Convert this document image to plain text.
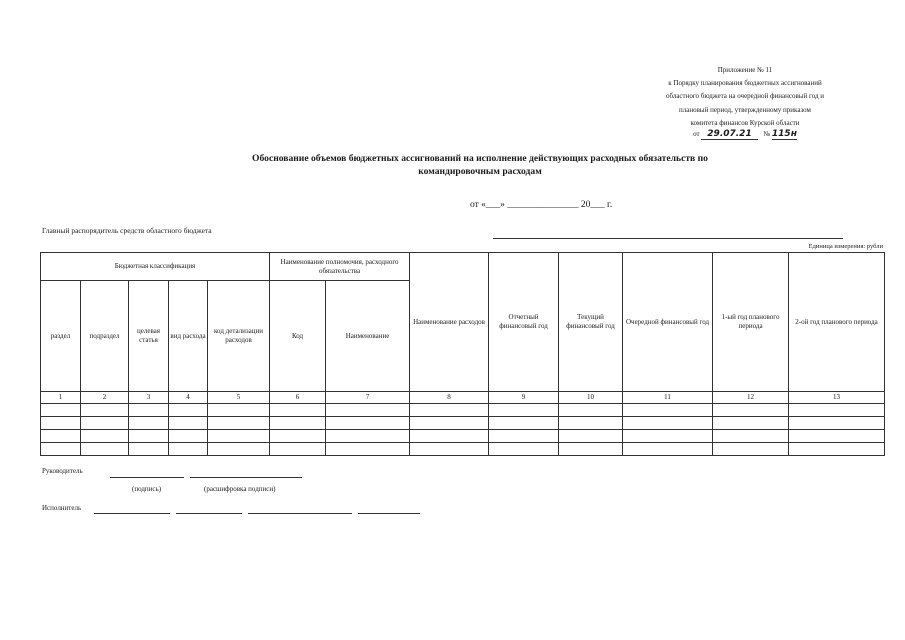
Приложение № 11
к Порядку планирования бюджетных ассигнований
областного бюджета на очередной финансовый год и
плановый период, утвержденному приказом
комитета финансов Курской области
от 29.07.21 № 115н
Обоснование объемов бюджетных ассигнований на исполнение действующих расходных обязательств по
командировочным расходам
от «___» _______________ 20___ г.
Главный распорядитель средств областного бюджета
Единица измерения: рубли
Бюджетная классификация					Наименование полномочия, расходного обязательства		Наименование расходов	Отчетный финансовый год	Текущий финансовый год	Очередной финансовый год	1-ый год планового периода	2-ой год планового периода
раздел	подраздел	целевая статья	вид расхода	код детализации расходов	Код	Наименование						
1	2	3	4	5	6	7	8	9	10	11	12	13

Руководитель
(подпись)	(расшифровка подписи)
Исполнитель
